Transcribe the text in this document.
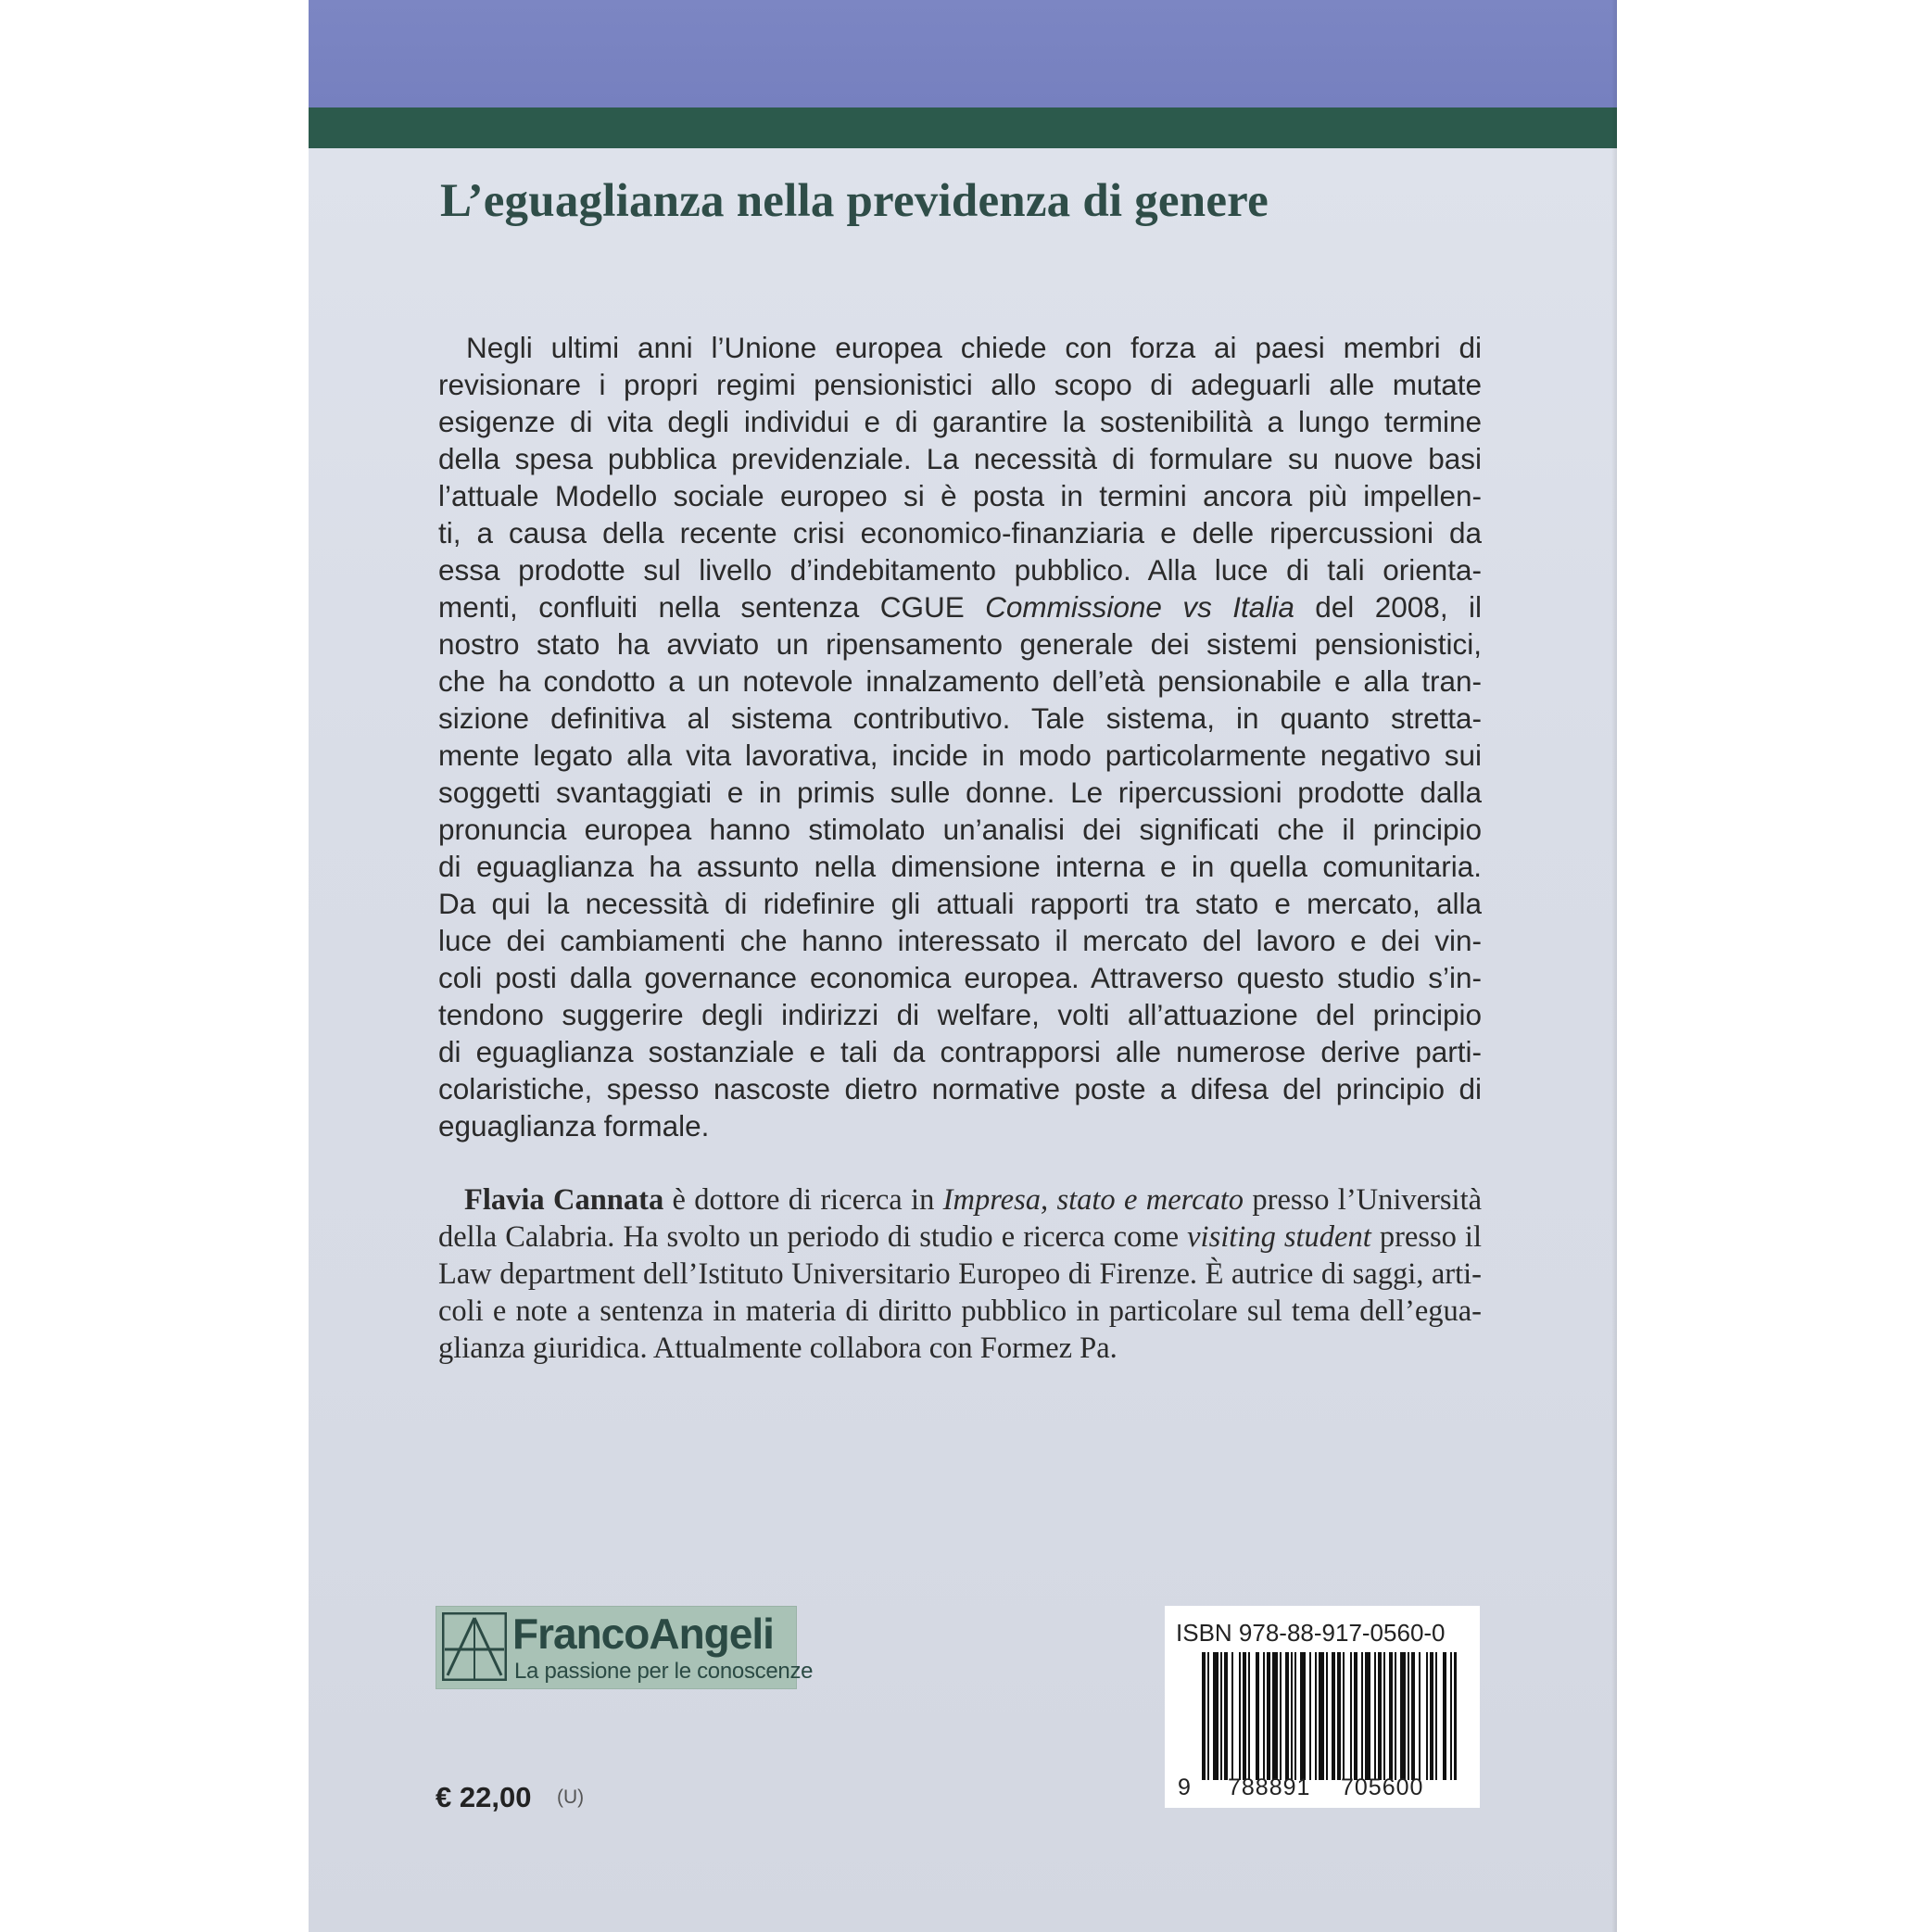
L’eguaglianza nella previdenza di genere
Negli ultimi anni l’Unione europea chiede con forza ai paesi membri di
revisionare i propri regimi pensionistici allo scopo di adeguarli alle mutate
esigenze di vita degli individui e di garantire la sostenibilità a lungo termine
della spesa pubblica previdenziale. La necessità di formulare su nuove basi
l’attuale Modello sociale europeo si è posta in termini ancora più impellen-
ti, a causa della recente crisi economico-finanziaria e delle ripercussioni da
essa prodotte sul livello d’indebitamento pubblico. Alla luce di tali orienta-
menti, confluiti nella sentenza CGUE Commissione vs Italia del 2008, il
nostro stato ha avviato un ripensamento generale dei sistemi pensionistici,
che ha condotto a un notevole innalzamento dell’età pensionabile e alla tran-
sizione definitiva al sistema contributivo. Tale sistema, in quanto stretta-
mente legato alla vita lavorativa, incide in modo particolarmente negativo sui
soggetti svantaggiati e in primis sulle donne. Le ripercussioni prodotte dalla
pronuncia europea hanno stimolato un’analisi dei significati che il principio
di eguaglianza ha assunto nella dimensione interna e in quella comunitaria.
Da qui la necessità di ridefinire gli attuali rapporti tra stato e mercato, alla
luce dei cambiamenti che hanno interessato il mercato del lavoro e dei vin-
coli posti dalla governance economica europea. Attraverso questo studio s’in-
tendono suggerire degli indirizzi di welfare, volti all’attuazione del principio
di eguaglianza sostanziale e tali da contrapporsi alle numerose derive parti-
colaristiche, spesso nascoste dietro normative poste a difesa del principio di
eguaglianza formale.
Flavia Cannata è dottore di ricerca in Impresa, stato e mercato presso l’Università
della Calabria. Ha svolto un periodo di studio e ricerca come visiting student presso il
Law department dell’Istituto Universitario Europeo di Firenze. È autrice di saggi, arti-
coli e note a sentenza in materia di diritto pubblico in particolare sul tema dell’egua-
glianza giuridica. Attualmente collabora con Formez Pa.
FrancoAngeli
La passione per le conoscenze
€ 22,00 (U)
ISBN 978-88-917-0560-0
9 788891 705600
